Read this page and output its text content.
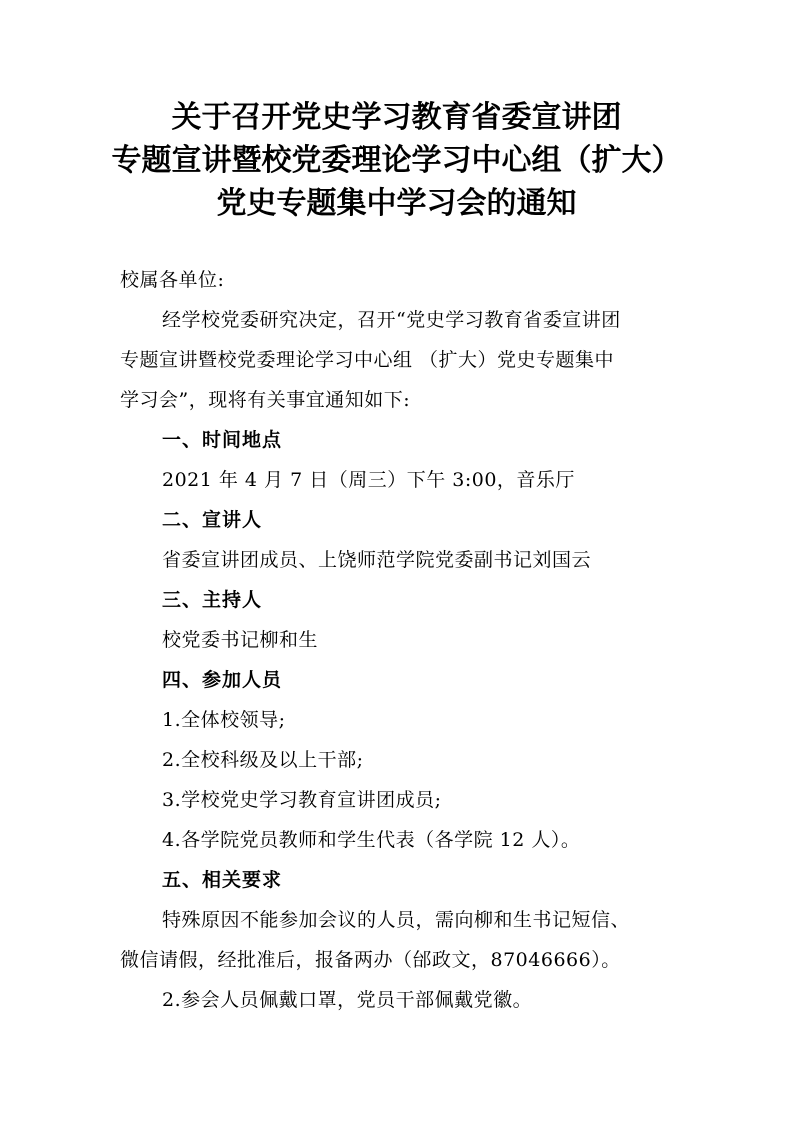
关于召开党史学习教育省委宣讲团
专题宣讲暨校党委理论学习中心组（扩大）
党史专题集中学习会的通知
校属各单位:
经学校党委研究决定，召开“党史学习教育省委宣讲团
专题宣讲暨校党委理论学习中心组 （扩大）党史专题集中
学习会”，现将有关事宜通知如下:
一、时间地点
2021 年 4 月 7 日（周三）下午 3:00，音乐厅
二、宣讲人
省委宣讲团成员、上饶师范学院党委副书记刘国云
三、主持人
校党委书记柳和生
四、参加人员
1.全体校领导;
2.全校科级及以上干部;
3.学校党史学习教育宣讲团成员;
4.各学院党员教师和学生代表（各学院 12 人）。
五、相关要求
特殊原因不能参加会议的人员，需向柳和生书记短信、
微信请假，经批准后，报备两办（邰政文，87046666）。
2.参会人员佩戴口罩，党员干部佩戴党徽。
